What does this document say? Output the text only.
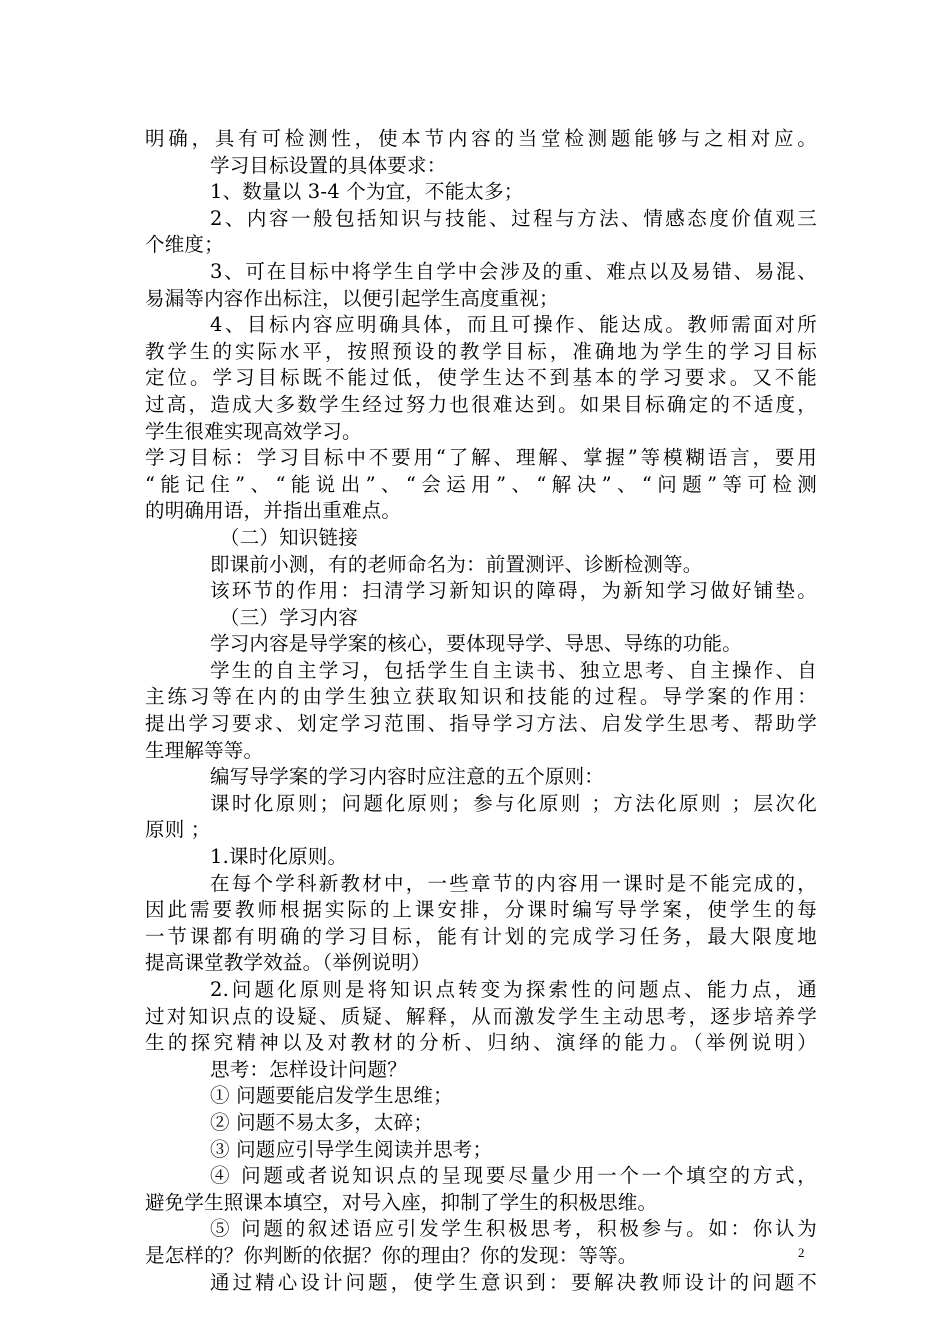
明确，具有可检测性，使本节内容的当堂检测题能够与之相对应。
学习目标设置的具体要求：
1、数量以 3-4 个为宜，不能太多；
2、内容一般包括知识与技能、过程与方法、情感态度价值观三
个维度；
3、可在目标中将学生自学中会涉及的重、难点以及易错、易混、
易漏等内容作出标注，以便引起学生高度重视；
4、目标内容应明确具体，而且可操作、能达成。教师需面对所
教学生的实际水平，按照预设的教学目标，准确地为学生的学习目标
定位。学习目标既不能过低，使学生达不到基本的学习要求。又不能
过高，造成大多数学生经过努力也很难达到。如果目标确定的不适度，
学生很难实现高效学习。
学习目标：学习目标中不要用“了解、理解、掌握”等模糊语言，要用
“能记住”、“能说出”、“会运用”、“解决”、“问题”等可检测
的明确用语，并指出重难点。
（二）知识链接
即课前小测，有的老师命名为：前置测评、诊断检测等。
该环节的作用：扫清学习新知识的障碍，为新知学习做好铺垫。
（三）学习内容
学习内容是导学案的核心，要体现导学、导思、导练的功能。
学生的自主学习，包括学生自主读书、独立思考、自主操作、自
主练习等在内的由学生独立获取知识和技能的过程。导学案的作用：
提出学习要求、划定学习范围、指导学习方法、启发学生思考、帮助学
生理解等等。
编写导学案的学习内容时应注意的五个原则：
课时化原则；问题化原则；参与化原则 ；方法化原则 ；层次化
原则 ；
1.课时化原则。
在每个学科新教材中，一些章节的内容用一课时是不能完成的，
因此需要教师根据实际的上课安排，分课时编写导学案，使学生的每
一节课都有明确的学习目标，能有计划的完成学习任务，最大限度地
提高课堂教学效益。（举例说明）
2.问题化原则是将知识点转变为探索性的问题点、能力点，通
过对知识点的设疑、质疑、解释，从而激发学生主动思考，逐步培养学
生的探究精神以及对教材的分析、归纳、演绎的能力。（举例说明）
思考：怎样设计问题？
① 问题要能启发学生思维；
② 问题不易太多，太碎；
③ 问题应引导学生阅读并思考；
④ 问题或者说知识点的呈现要尽量少用一个一个填空的方式，
避免学生照课本填空，对号入座，抑制了学生的积极思维。
⑤ 问题的叙述语应引发学生积极思考，积极参与。如：你认为
是怎样的？你判断的依据？你的理由？你的发现：等等。
通过精心设计问题，使学生意识到：要解决教师设计的问题不
2
